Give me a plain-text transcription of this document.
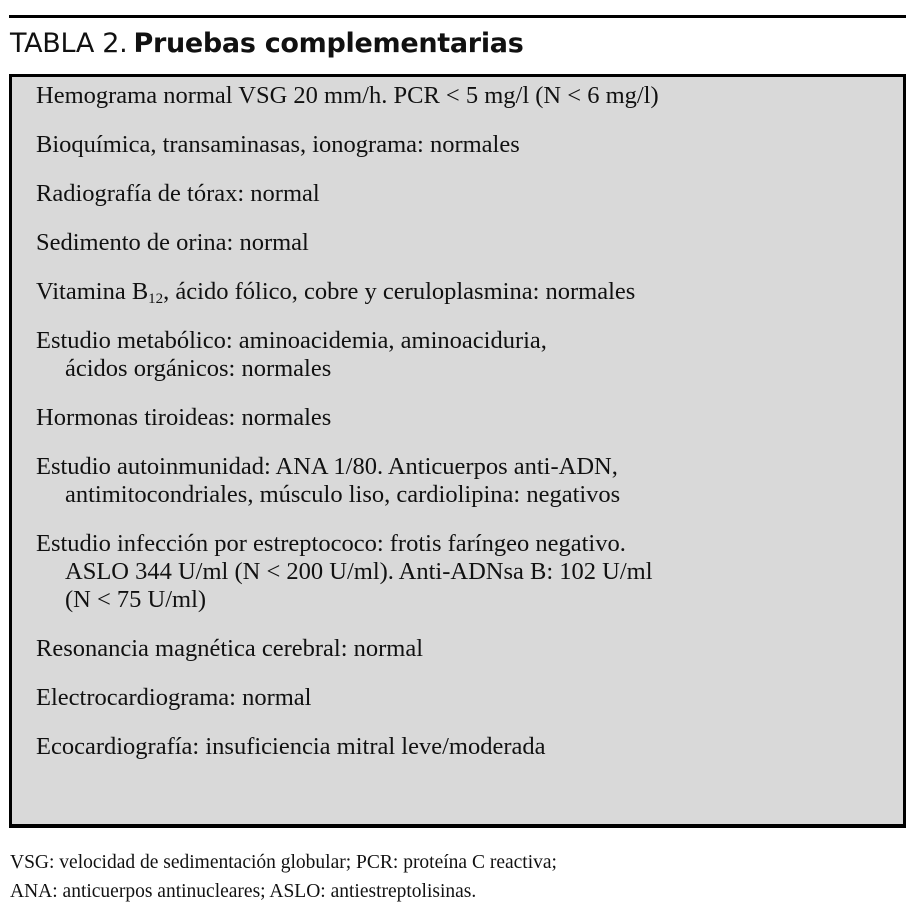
TABLA 2. Pruebas complementarias
Hemograma normal VSG 20 mm/h. PCR < 5 mg/l (N < 6 mg/l)
Bioquímica, transaminasas, ionograma: normales
Radiografía de tórax: normal
Sedimento de orina: normal
Vitamina $B_{12}$, ácido fólico, cobre y ceruloplasmina: normales
Estudio metabólico: aminoacidemia, aminoaciduria,
ácidos orgánicos: normales
Hormonas tiroideas: normales
Estudio autoinmunidad: ANA 1/80. Anticuerpos anti-ADN,
antimitocondriales, músculo liso, cardiolipina: negativos
Estudio infección por estreptococo: frotis faríngeo negativo.
ASLO 344 U/ml (N < 200 U/ml). Anti-ADNsa B: 102 U/ml
(N < 75 U/ml)
Resonancia magnética cerebral: normal
Electrocardiograma: normal
Ecocardiografía: insuficiencia mitral leve/moderada
VSG: velocidad de sedimentación globular; PCR: proteína C reactiva;
ANA: anticuerpos antinucleares; ASLO: antiestreptolisinas.
